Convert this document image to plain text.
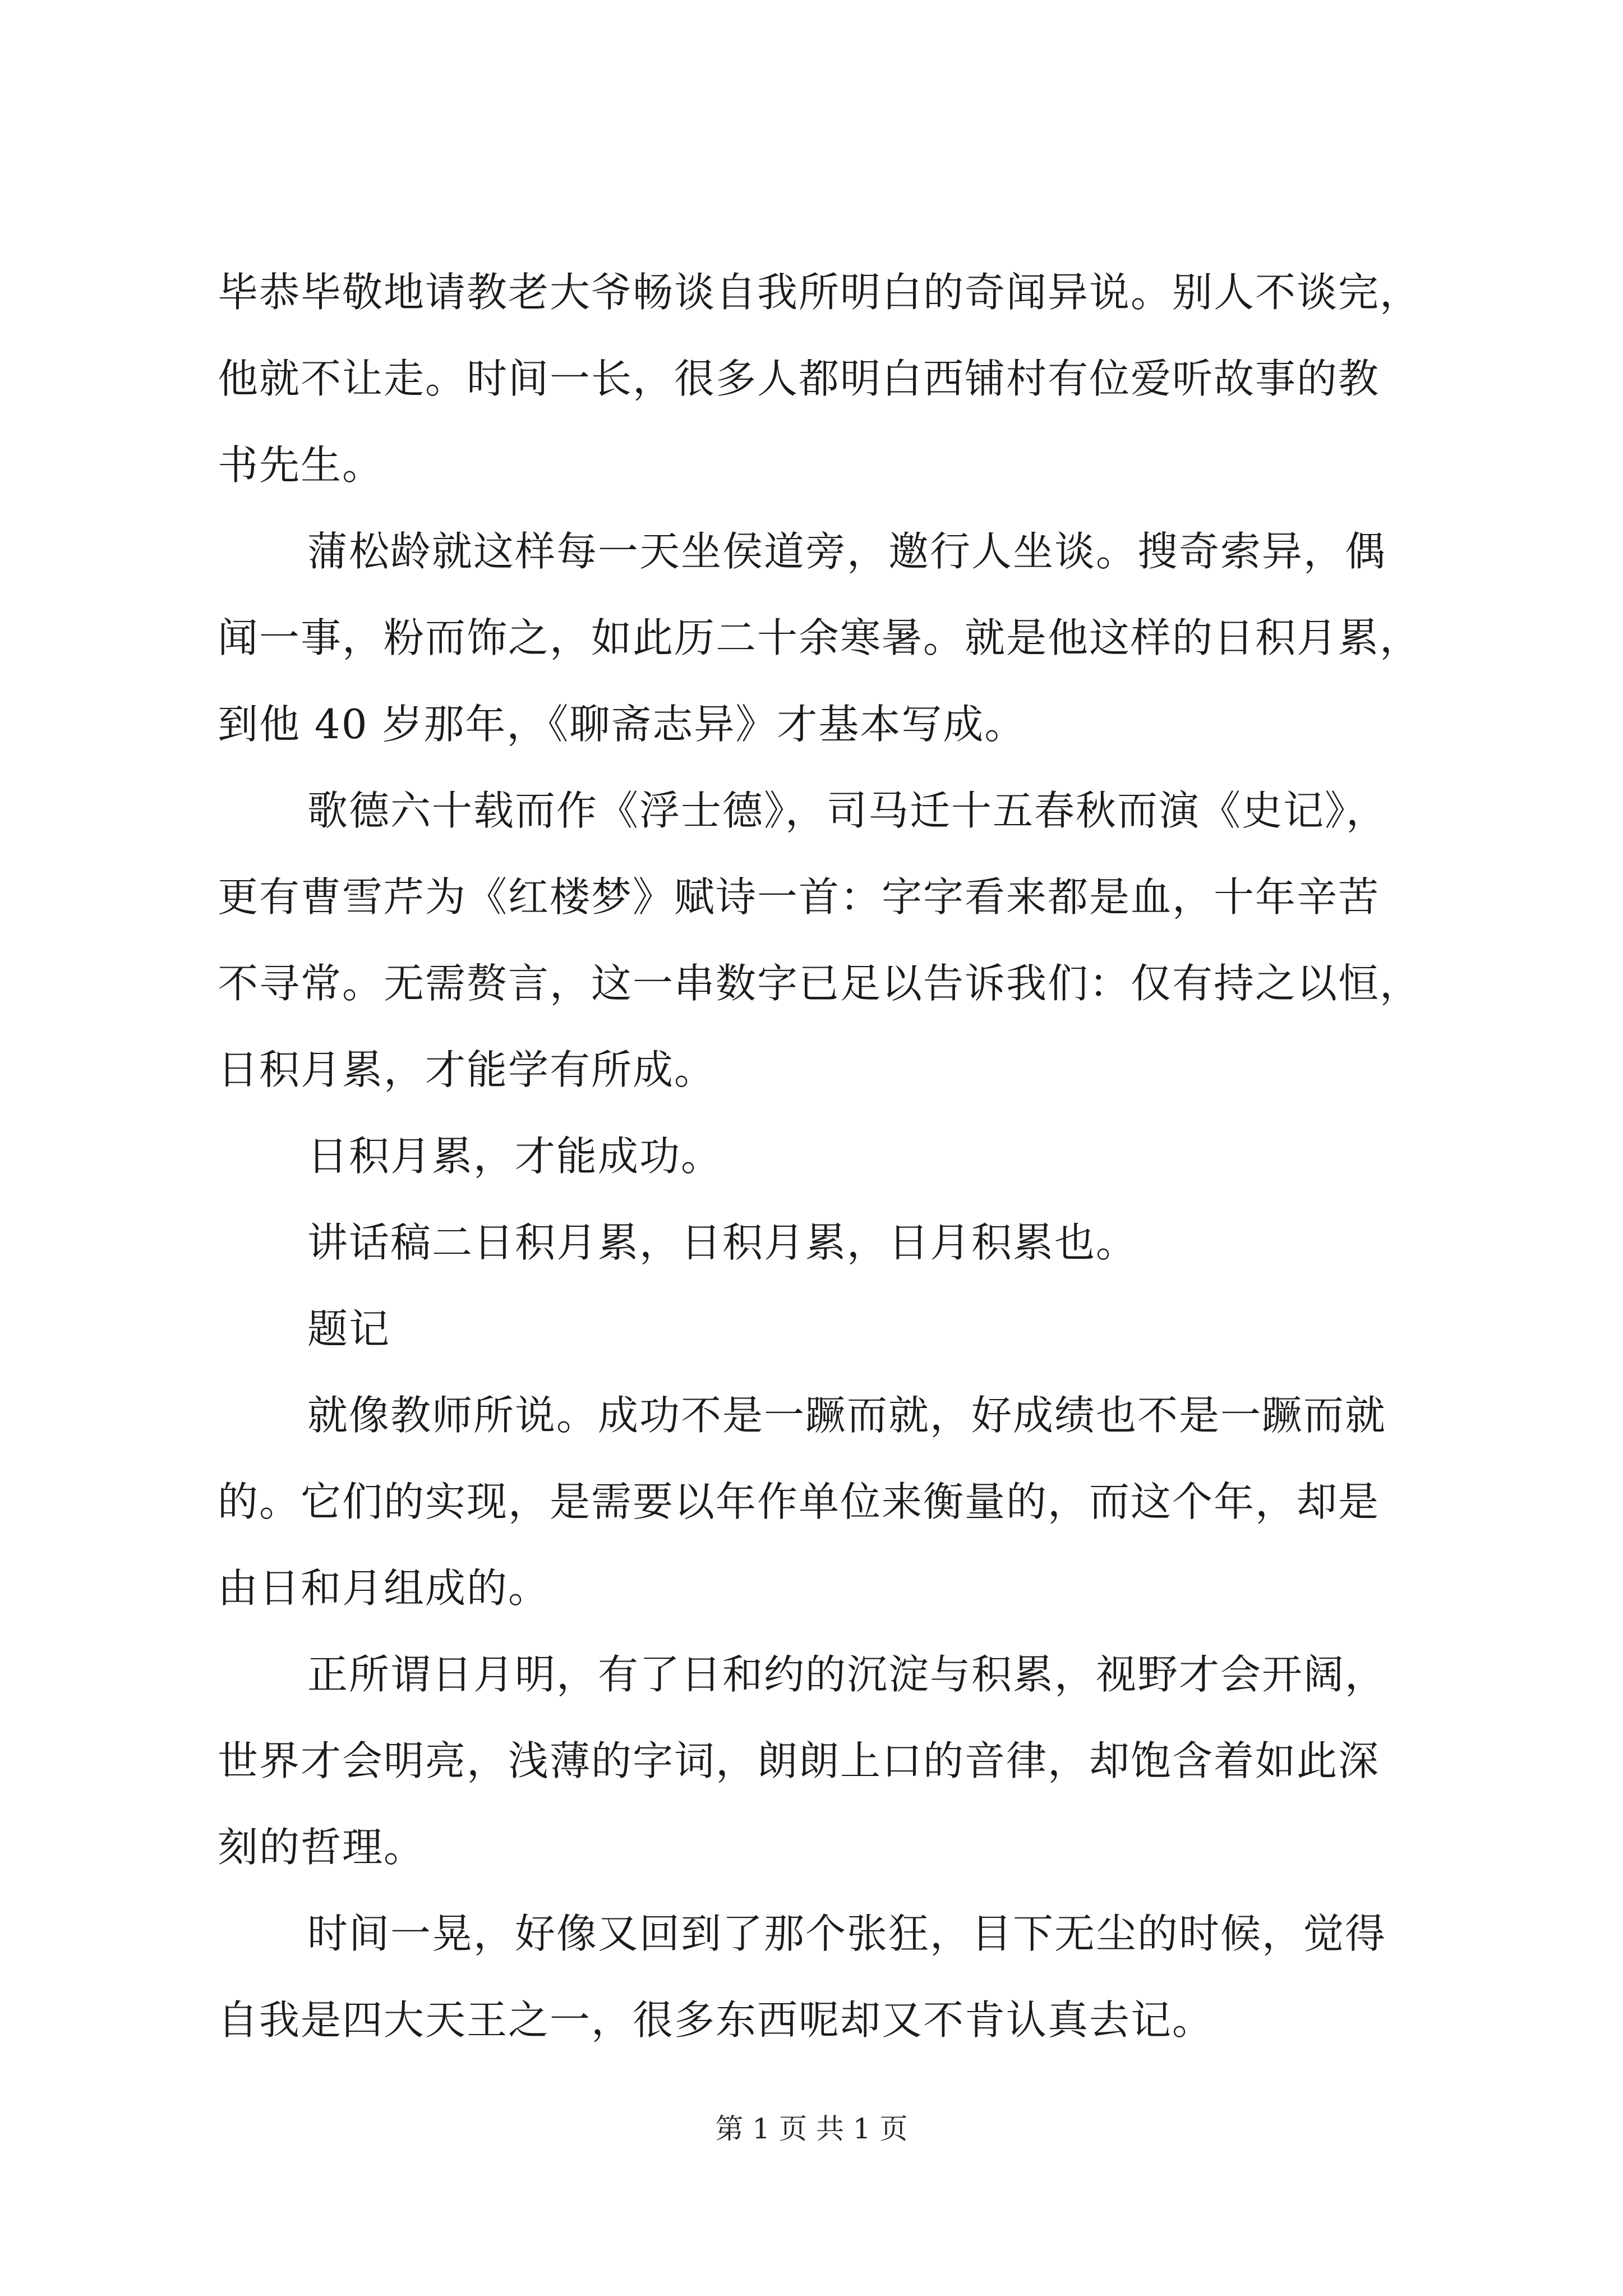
毕恭毕敬地请教老大爷畅谈自我所明白的奇闻异说。别人不谈完，
他就不让走。时间一长，很多人都明白西铺村有位爱听故事的教
书先生。
蒲松龄就这样每一天坐侯道旁，邀行人坐谈。搜奇索异，偶
闻一事，粉而饰之，如此历二十余寒暑。就是他这样的日积月累，
到他 40 岁那年，《聊斋志异》才基本写成。
歌德六十载而作《浮士德》，司马迁十五春秋而演《史记》，
更有曹雪芹为《红楼梦》赋诗一首：字字看来都是血，十年辛苦
不寻常。无需赘言，这一串数字已足以告诉我们：仅有持之以恒，
日积月累，才能学有所成。
日积月累，才能成功。
讲话稿二日积月累，日积月累，日月积累也。
题记
就像教师所说。成功不是一蹶而就，好成绩也不是一蹶而就
的。它们的实现，是需要以年作单位来衡量的，而这个年，却是
由日和月组成的。
正所谓日月明，有了日和约的沉淀与积累，视野才会开阔，
世界才会明亮，浅薄的字词，朗朗上口的音律，却饱含着如此深
刻的哲理。
时间一晃，好像又回到了那个张狂，目下无尘的时候，觉得
自我是四大天王之一，很多东西呢却又不肯认真去记。
第 1 页 共 1 页
